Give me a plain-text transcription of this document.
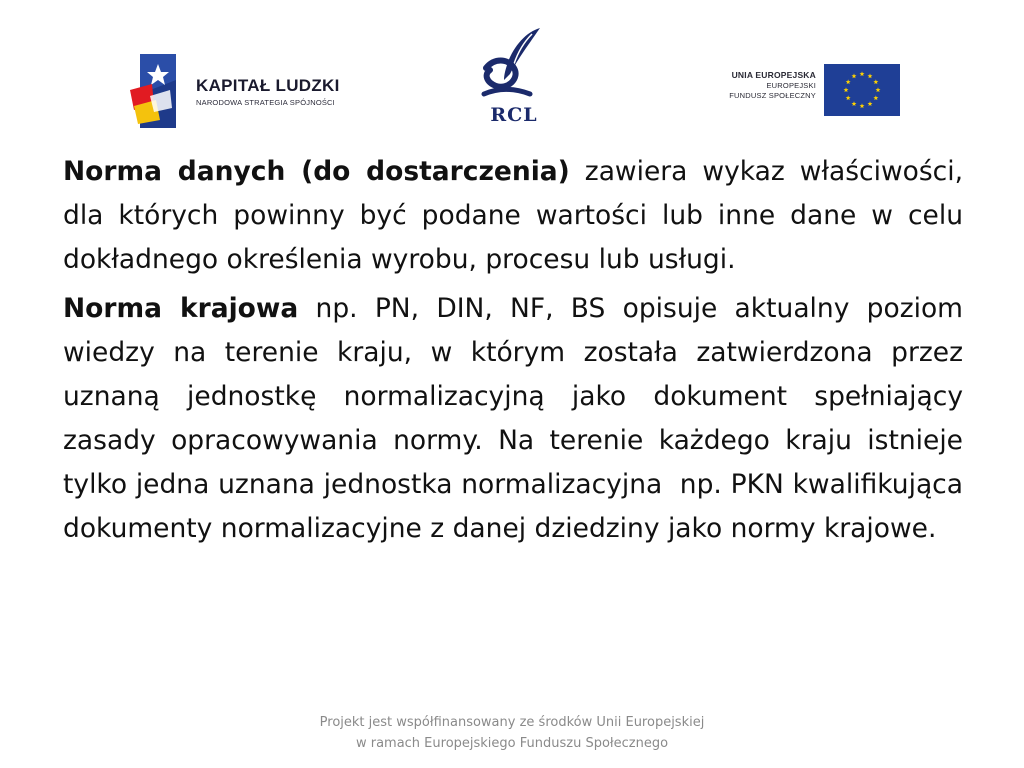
KAPITAŁ LUDZKI
NARODOWA STRATEGIA SPÓJNOŚCI
RCL
UNIA EUROPEJSKA
EUROPEJSKI
FUNDUSZ SPOŁECZNY

Norma danych (do dostarczenia) zawiera wykaz właściwości, dla których powinny być podane wartości lub inne dane w celu dokładnego określenia wyrobu, procesu lub usługi.

Norma krajowa np. PN, DIN, NF, BS opisuje aktualny poziom wiedzy na terenie kraju, w którym została zatwierdzona przez uznaną jednostkę normalizacyjną jako dokument spełniający zasady opracowywania normy. Na terenie każdego kraju istnieje tylko jedna uznana jednostka normalizacyjna  np. PKN kwalifikująca dokumenty normalizacyjne z danej dziedziny jako normy krajowe.

Projekt jest współfinansowany ze środków Unii Europejskiej
w ramach Europejskiego Funduszu Społecznego
